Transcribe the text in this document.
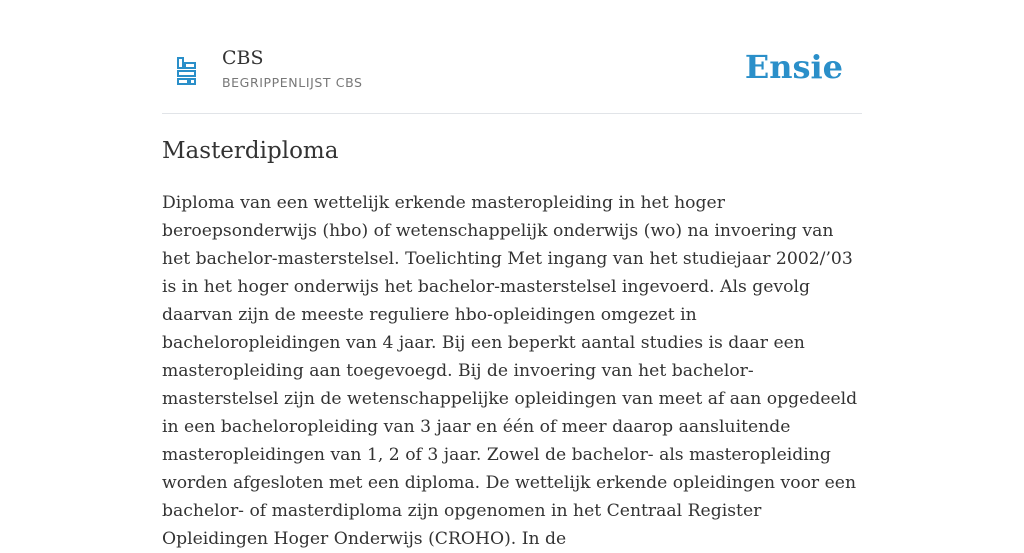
CBS
BEGRIPPENLIJST CBS	Ensie
Masterdiploma

Diploma van een wettelijk erkende masteropleiding in het hoger beroepsonderwijs (hbo) of wetenschappelijk onderwijs (wo) na invoering van het bachelor-masterstelsel. Toelichting Met ingang van het studiejaar 2002/’03 is in het hoger onderwijs het bachelor-masterstelsel ingevoerd. Als gevolg daarvan zijn de meeste reguliere hbo-opleidingen omgezet in bacheloropleidingen van 4 jaar. Bij een beperkt aantal studies is daar een masteropleiding aan toegevoegd. Bij de invoering van het bachelor-masterstelsel zijn de wetenschappelijke opleidingen van meet af aan opgedeeld in een bacheloropleiding van 3 jaar en één of meer daarop aansluitende masteropleidingen van 1, 2 of 3 jaar. Zowel de bachelor- als masteropleiding worden afgesloten met een diploma. De wettelijk erkende opleidingen voor een bachelor- of masterdiploma zijn opgenomen in het Centraal Register Opleidingen Hoger Onderwijs (CROHO). In de
